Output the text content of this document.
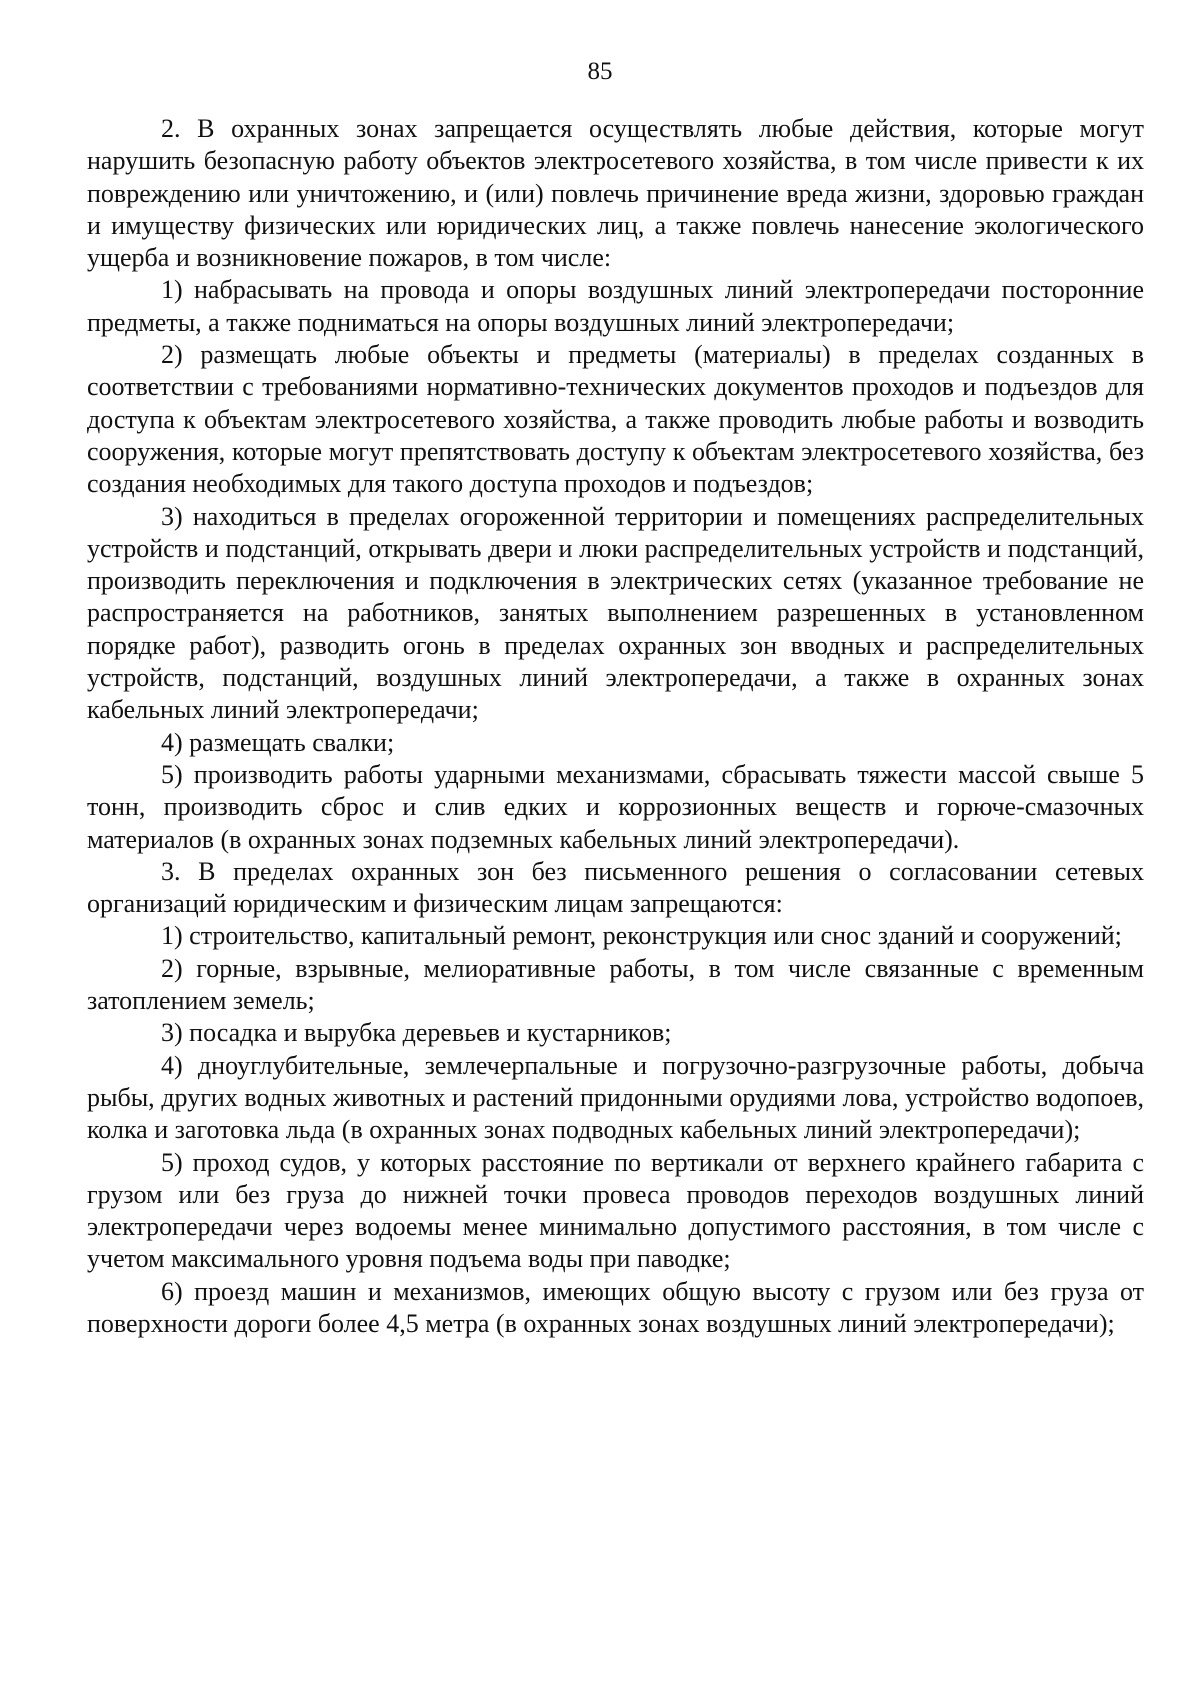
85

2. В охранных зонах запрещается осуществлять любые действия, которые могут нарушить безопасную работу объектов электросетевого хозяйства, в том числе привести к их повреждению или уничтожению, и (или) повлечь причинение вреда жизни, здоровью граждан и имуществу физических или юридических лиц, а также повлечь нанесение экологического ущерба и возникновение пожаров, в том числе:

1) набрасывать на провода и опоры воздушных линий электропередачи посторонние предметы, а также подниматься на опоры воздушных линий электропередачи;

2) размещать любые объекты и предметы (материалы) в пределах созданных в соответствии с требованиями нормативно-технических документов проходов и подъездов для доступа к объектам электросетевого хозяйства, а также проводить любые работы и возводить сооружения, которые могут препятствовать доступу к объектам электросетевого хозяйства, без создания необходимых для такого доступа проходов и подъездов;

3) находиться в пределах огороженной территории и помещениях распределительных устройств и подстанций, открывать двери и люки распределительных устройств и подстанций, производить переключения и подключения в электрических сетях (указанное требование не распространяется на работников, занятых выполнением разрешенных в установленном порядке работ), разводить огонь в пределах охранных зон вводных и распределительных устройств, подстанций, воздушных линий электропередачи, а также в охранных зонах кабельных линий электропередачи;

4) размещать свалки;

5) производить работы ударными механизмами, сбрасывать тяжести массой свыше 5 тонн, производить сброс и слив едких и коррозионных веществ и горюче-смазочных материалов (в охранных зонах подземных кабельных линий электропередачи).

3. В пределах охранных зон без письменного решения о согласовании сетевых организаций юридическим и физическим лицам запрещаются:

1) строительство, капитальный ремонт, реконструкция или снос зданий и сооружений;

2) горные, взрывные, мелиоративные работы, в том числе связанные с временным затоплением земель;

3) посадка и вырубка деревьев и кустарников;

4) дноуглубительные, землечерпальные и погрузочно-разгрузочные работы, добыча рыбы, других водных животных и растений придонными орудиями лова, устройство водопоев, колка и заготовка льда (в охранных зонах подводных кабельных линий электропередачи);

5) проход судов, у которых расстояние по вертикали от верхнего крайнего габарита с грузом или без груза до нижней точки провеса проводов переходов воздушных линий электропередачи через водоемы менее минимально допустимого расстояния, в том числе с учетом максимального уровня подъема воды при паводке;

6) проезд машин и механизмов, имеющих общую высоту с грузом или без груза от поверхности дороги более 4,5 метра (в охранных зонах воздушных линий электропередачи);
